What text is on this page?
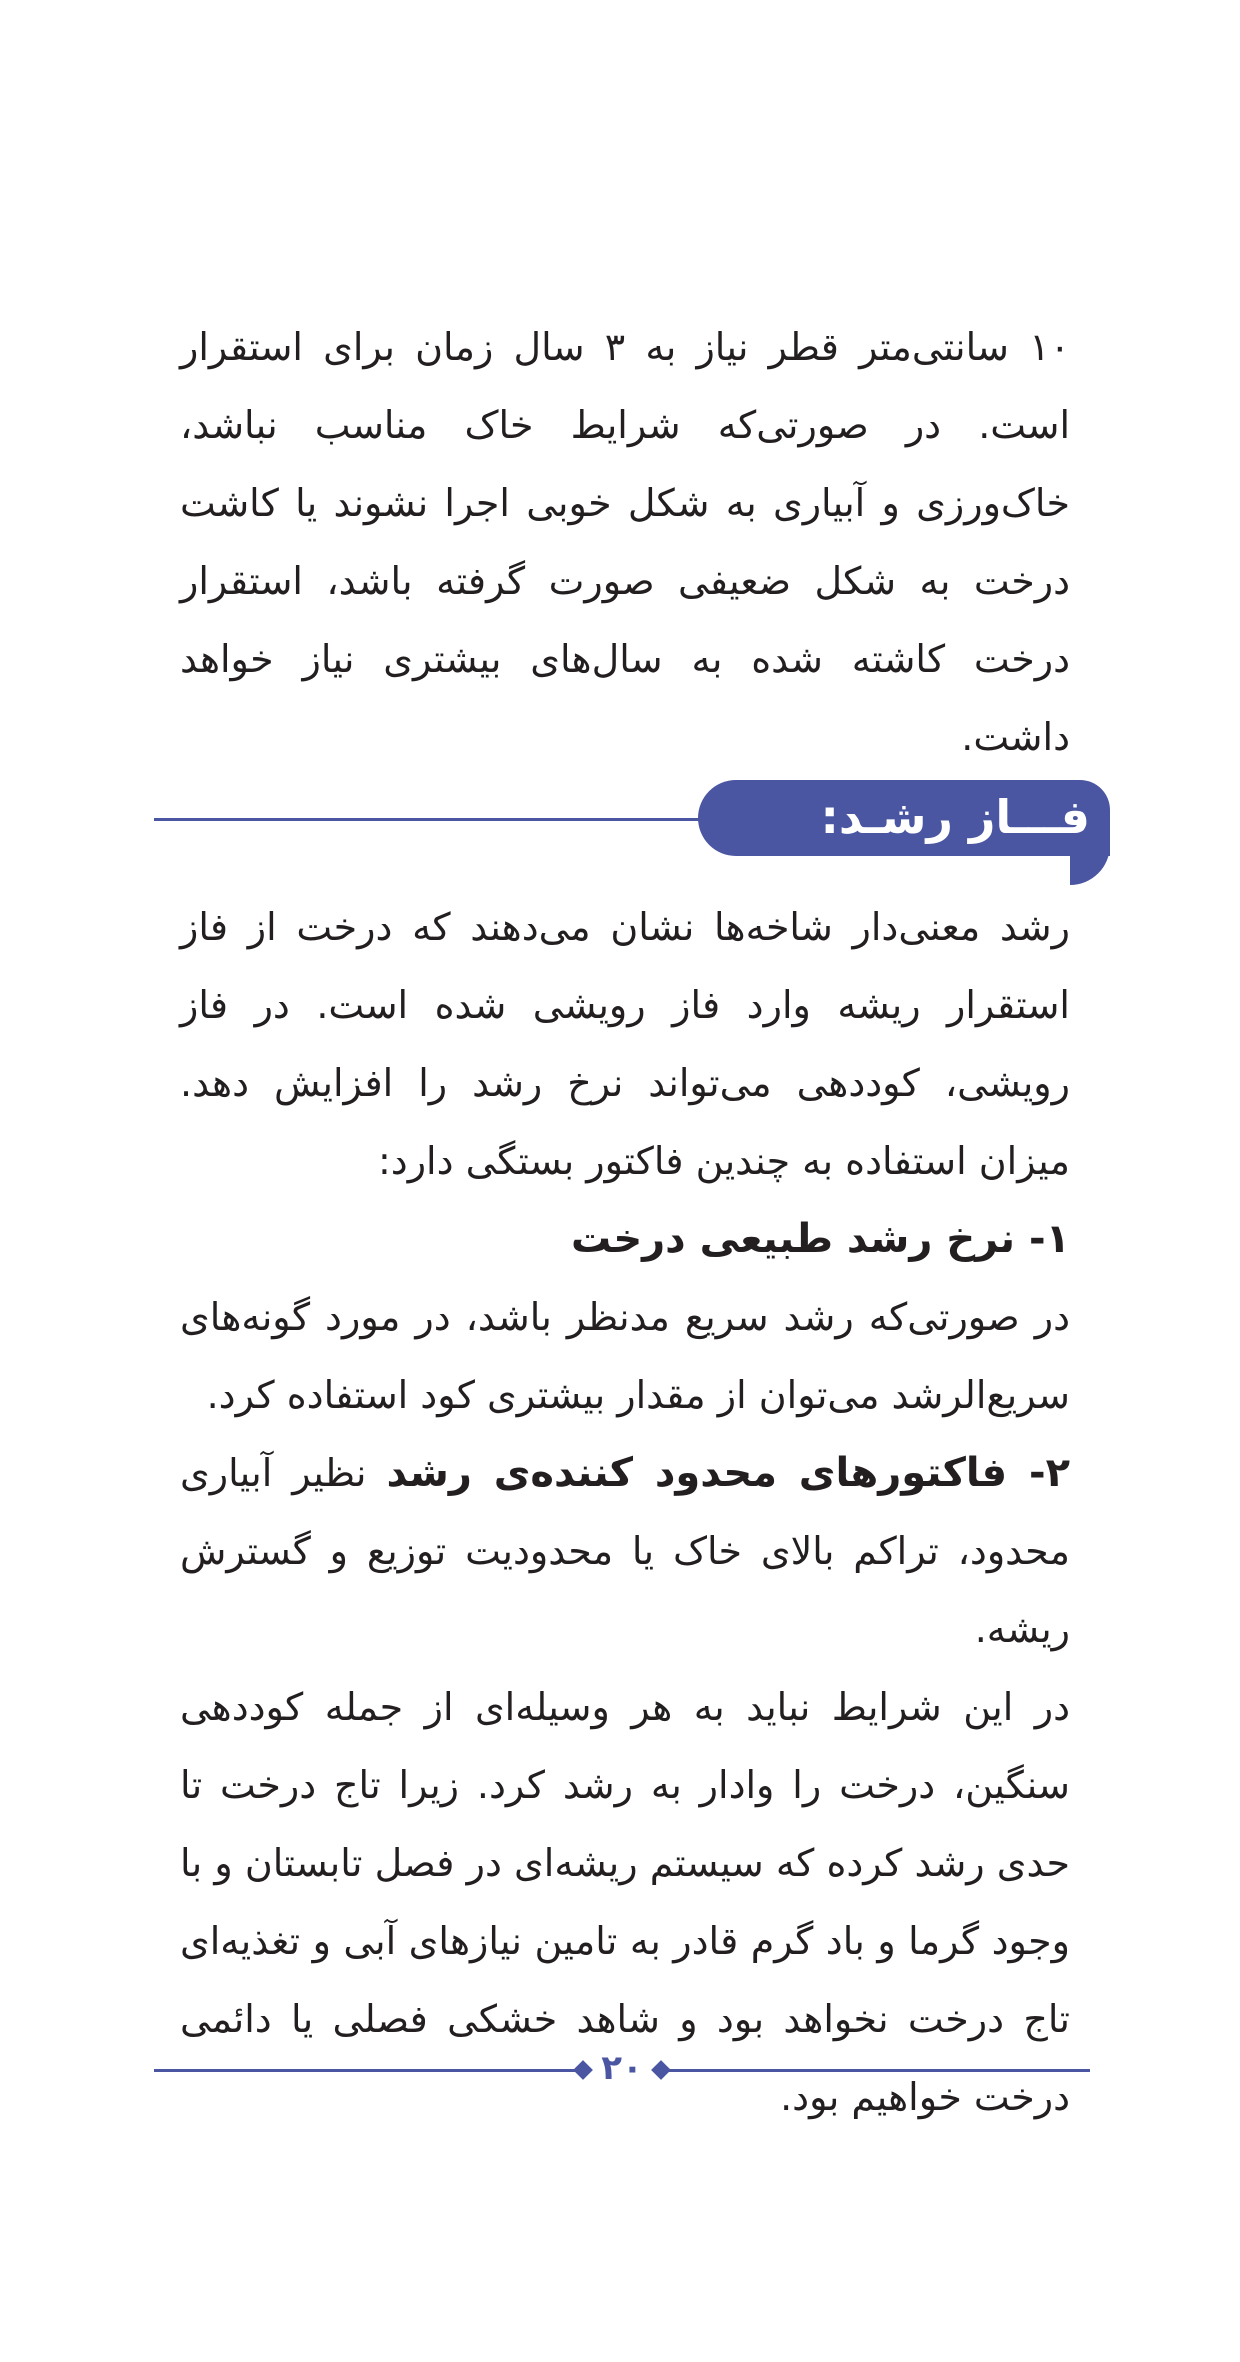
۱۰ سانتی‌متر قطر نیاز به ۳ سال زمان برای استقرار است. در صورتی‌که شرایط خاک مناسب نباشد، خاک‌ورزی و آبیاری به شکل خوبی اجرا نشوند یا کاشت درخت به شکل ضعیفی صورت گرفته باشد، استقرار درخت کاشته شده به سال‌های بیشتری نیاز خواهد داشت.

فـــاز رشـد:

رشد معنی‌دار شاخه‌ها نشان می‌دهند که درخت از فاز استقرار ریشه وارد فاز رویشی شده است. در فاز رویشی، کوددهی می‌تواند نرخ رشد را افزایش دهد. میزان استفاده به چندین فاکتور بستگی دارد:

۱- نرخ رشد طبیعی درخت

در صورتی‌که رشد سریع مدنظر باشد، در مورد گونه‌های سریع‌الرشد می‌توان از مقدار بیشتری کود استفاده کرد.

۲- فاکتورهای محدود کننده‌ی رشد نظیر آبیاری محدود، تراکم بالای خاک یا محدودیت توزیع و گسترش ریشه.

در این شرایط نباید به هر وسیله‌ای از جمله کوددهی سنگین، درخت را وادار به رشد کرد. زیرا تاج درخت تا حدی رشد کرده که سیستم ریشه‌ای در فصل تابستان و با وجود گرما و باد گرم قادر به تامین نیازهای آبی و تغذیه‌ای تاج درخت نخواهد بود و شاهد خشکی فصلی یا دائمی درخت خواهیم بود.

۲۰
